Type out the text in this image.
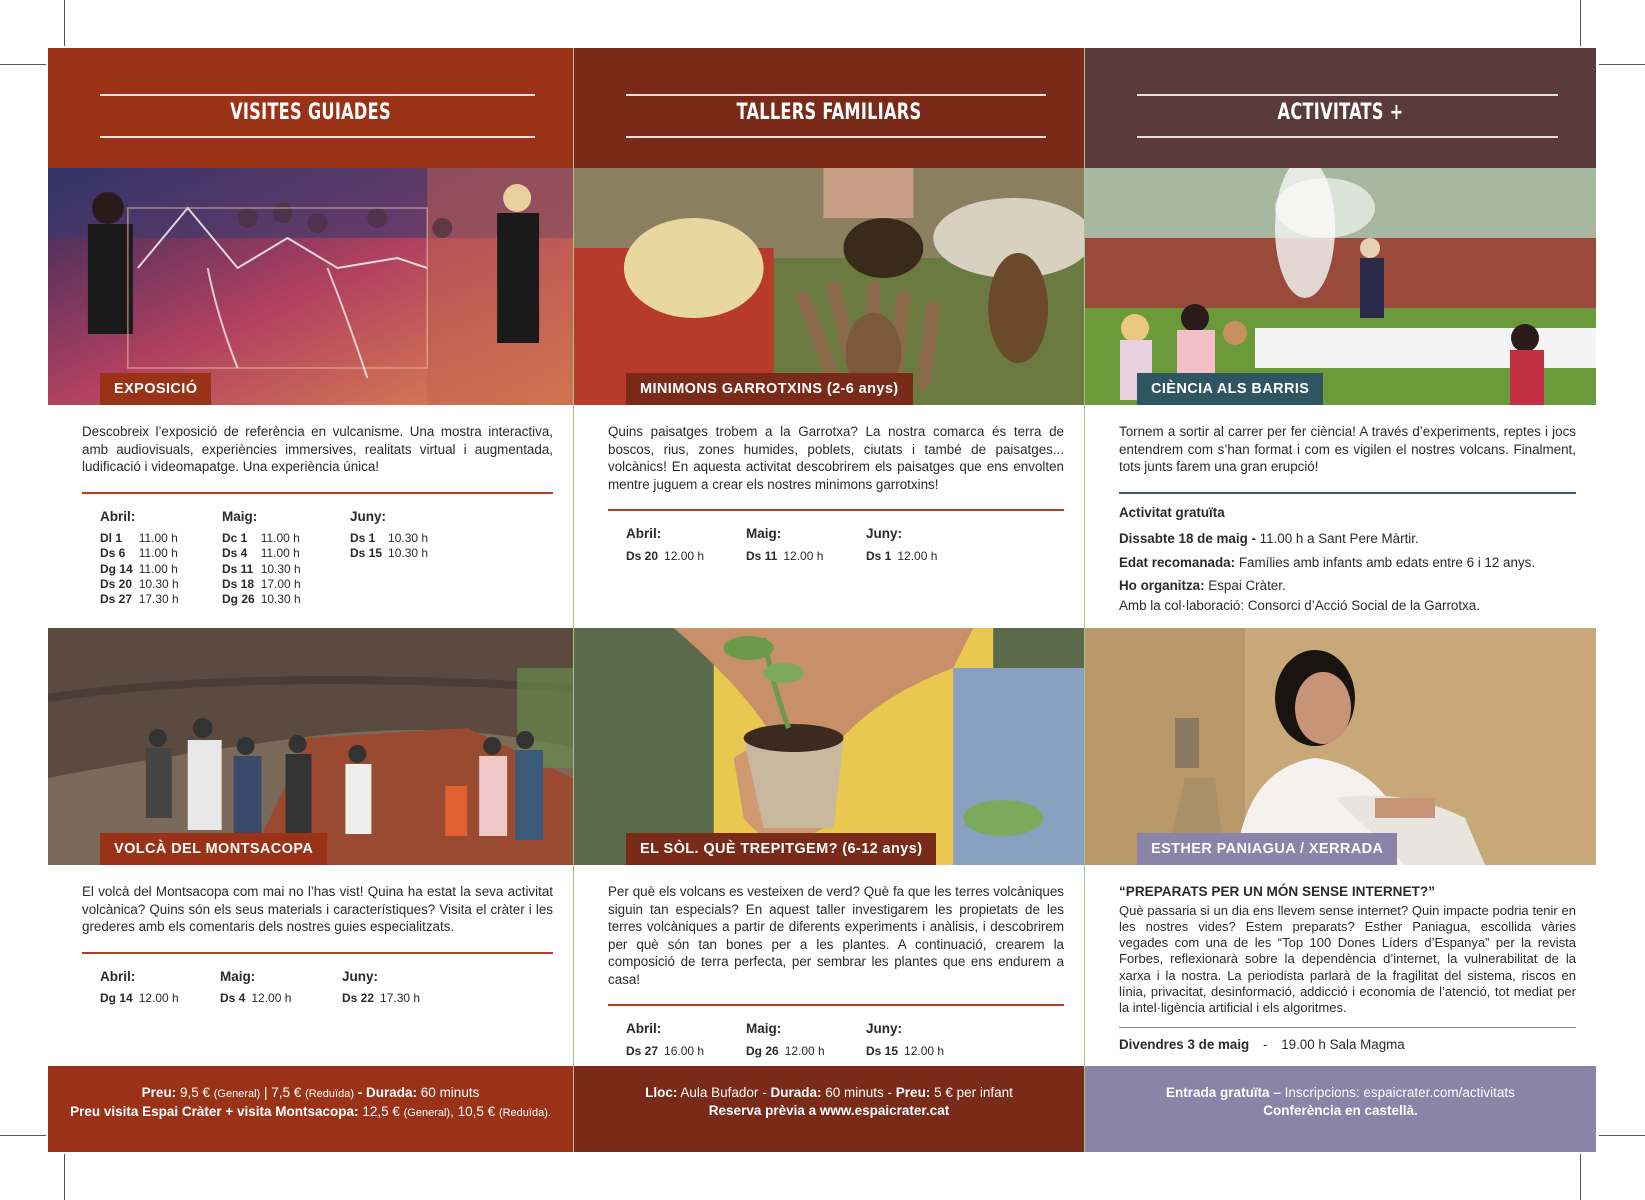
VISITES GUIADES
EXPOSICIÓ

Descobreix l’exposició de referència en vulcanisme. Una mostra interactiva, amb audiovisuals, experiències immersives, realitats virtual i augmentada, ludificació i videomapatge. Una experiència única!

Abril:
Dl 1	11.00 h
Ds 6	11.00 h
Dg 14	11.00 h
Ds 20	10.30 h
Ds 27	17.30 h
Maig:
Dc 1	11.00 h
Ds 4	11.00 h
Ds 11	10.30 h
Ds 18	17.00 h
Dg 26	10.30 h
Juny:
Ds 1	10.30 h
Ds 15	10.30 h
VOLCÀ DEL MONTSACOPA

El volcà del Montsacopa com mai no l’has vist! Quina ha estat la seva activitat volcànica? Quins són els seus materials i característiques? Visita el cràter i les grederes amb els comentaris dels nostres guies especialitzats.

Abril:
Dg 14	12.00 h
Maig:
Ds 4	12.00 h
Juny:
Ds 22	17.30 h
Preu: 9,5 € (General) | 7,5 € (Reduïda) - Durada: 60 minuts
Preu visita Espai Cràter + visita Montsacopa: 12,5 € (General), 10,5 € (Reduïda).
TALLERS FAMILIARS
MINIMONS GARROTXINS (2-6 anys)

Quins paisatges trobem a la Garrotxa? La nostra comarca és terra de boscos, rius, zones humides, poblets, ciutats i també de paisatges... volcànics! En aquesta activitat descobrirem els paisatges que ens envolten mentre juguem a crear els nostres minimons garrotxins!

Abril:
Ds 20	12.00 h
Maig:
Ds 11	12.00 h
Juny:
Ds 1	12.00 h
EL SÒL. QUÈ TREPITGEM? (6-12 anys)

Per què els volcans es vesteixen de verd? Què fa que les terres volcàniques siguin tan especials? En aquest taller investigarem les propietats de les terres volcàniques a partir de diferents experiments i anàlisis, i descobrirem per què són tan bones per a les plantes. A continuació, crearem la composició de terra perfecta, per sembrar les plantes que ens endurem a casa!

Abril:
Ds 27	16.00 h
Maig:
Dg 26	12.00 h
Juny:
Ds 15	12.00 h
Lloc: Aula Bufador - Durada: 60 minuts - Preu: 5 € per infant
Reserva prèvia a www.espaicrater.cat
ACTIVITATS +
CIÈNCIA ALS BARRIS

Tornem a sortir al carrer per fer ciència! A través d’experiments, reptes i jocs entendrem com s’han format i com es vigilen el nostres volcans. Finalment, tots junts farem una gran erupció!

Activitat gratuïta

Dissabte 18 de maig - 11.00 h a Sant Pere Màrtir.

Edat recomanada: Famílies amb infants amb edats entre 6 i 12 anys.

Ho organitza: Espai Cràter.

Amb la col·laboració: Consorci d’Acció Social de la Garrotxa.

ESTHER PANIAGUA / XERRADA

“PREPARATS PER UN MÓN SENSE INTERNET?”

Què passaria si un dia ens llevem sense internet? Quin impacte podria tenir en les nostres vides? Estem preparats? Esther Paniagua, escollida vàries vegades com una de les “Top 100 Dones Líders d’Espanya” per la revista Forbes, reflexionarà sobre la dependència d’internet, la vulnerabilitat de la xarxa i la nostra. La periodista parlarà de la fragilitat del sistema, riscos en línia, privacitat, desinformació, addicció i economia de l’atenció, tot mediat per la intel·ligència artificial i els algoritmes.

Divendres 3 de maig - 19.00 h Sala Magma

Entrada gratuïta – Inscripcions: espaicrater.com/activitats
Conferència en castellà.
